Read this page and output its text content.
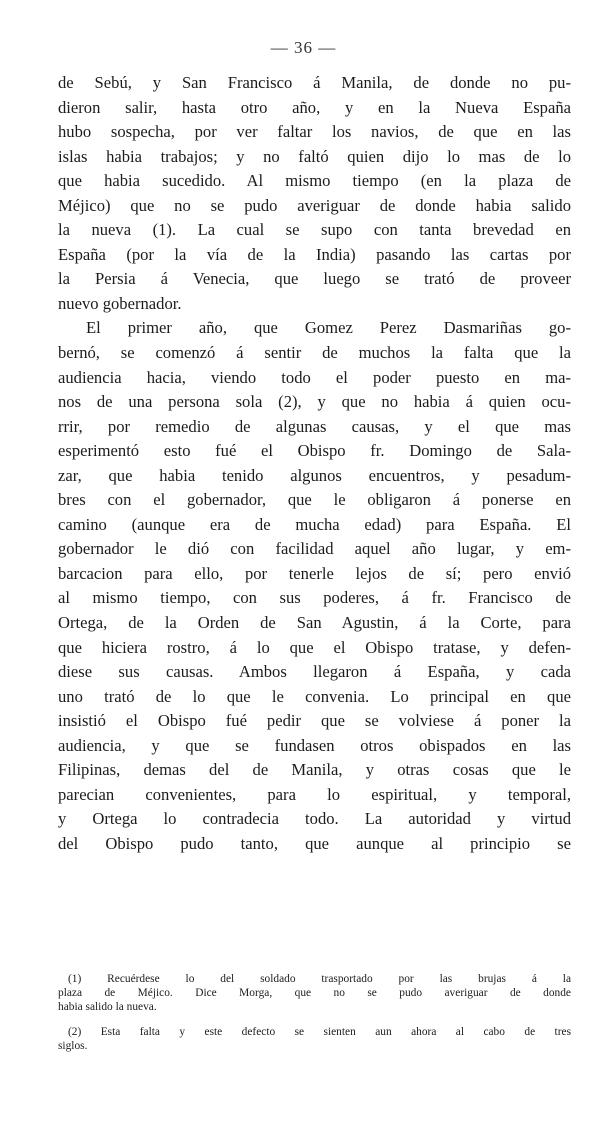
— 36 —
de Sebú, y San Francisco á Manila, de donde no pu-
dieron salir, hasta otro año, y en la Nueva España
hubo sospecha, por ver faltar los navios, de que en las
islas habia trabajos; y no faltó quien dijo lo mas de lo
que habia sucedido. Al mismo tiempo (en la plaza de
Méjico) que no se pudo averiguar de donde habia salido
la nueva (1). La cual se supo con tanta brevedad en
España (por la vía de la India) pasando las cartas por
la Persia á Venecia, que luego se trató de proveer
nuevo gobernador.
El primer año, que Gomez Perez Dasmariñas go-
bernó, se comenzó á sentir de muchos la falta que la
audiencia hacia, viendo todo el poder puesto en ma-
nos de una persona sola (2), y que no habia á quien ocu-
rrir, por remedio de algunas causas, y el que mas
esperimentó esto fué el Obispo fr. Domingo de Sala-
zar, que habia tenido algunos encuentros, y pesadum-
bres con el gobernador, que le obligaron á ponerse en
camino (aunque era de mucha edad) para España. El
gobernador le dió con facilidad aquel año lugar, y em-
barcacion para ello, por tenerle lejos de sí; pero envió
al mismo tiempo, con sus poderes, á fr. Francisco de
Ortega, de la Orden de San Agustin, á la Corte, para
que hiciera rostro, á lo que el Obispo tratase, y defen-
diese sus causas. Ambos llegaron á España, y cada
uno trató de lo que le convenia. Lo principal en que
insistió el Obispo fué pedir que se volviese á poner la
audiencia, y que se fundasen otros obispados en las
Filipinas, demas del de Manila, y otras cosas que le
parecian convenientes, para lo espiritual, y temporal,
y Ortega lo contradecia todo. La autoridad y virtud
del Obispo pudo tanto, que aunque al principio se
(1) Recuérdese lo del soldado trasportado por las brujas á la
plaza de Méjico. Dice Morga, que no se pudo averiguar de donde
habia salido la nueva.
(2) Esta falta y este defecto se sienten aun ahora al cabo de tres
siglos.
